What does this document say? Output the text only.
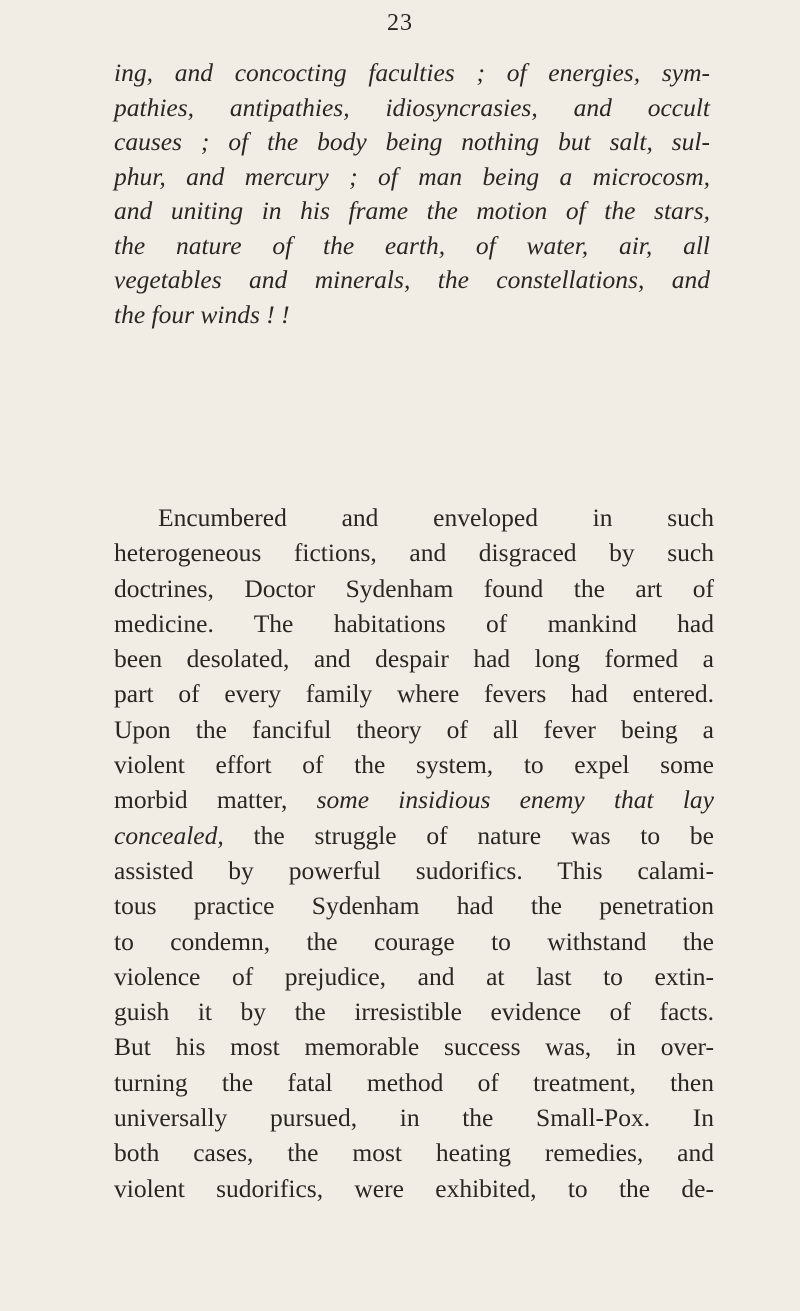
23
ing, and concocting faculties ; of energies, sym-
pathies, antipathies, idiosyncrasies, and occult
causes ; of the body being nothing but salt, sul-
phur, and mercury ; of man being a microcosm,
and uniting in his frame the motion of the stars,
the nature of the earth, of water, air, all
vegetables and minerals, the constellations, and
the four winds ! !
Encumbered and enveloped in such
heterogeneous fictions, and disgraced by such
doctrines, Doctor Sydenham found the art of
medicine. The habitations of mankind had
been desolated, and despair had long formed a
part of every family where fevers had entered.
Upon the fanciful theory of all fever being a
violent effort of the system, to expel some
morbid matter, some insidious enemy that lay
concealed, the struggle of nature was to be
assisted by powerful sudorifics. This calami-
tous practice Sydenham had the penetration
to condemn, the courage to withstand the
violence of prejudice, and at last to extin-
guish it by the irresistible evidence of facts.
But his most memorable success was, in over-
turning the fatal method of treatment, then
universally pursued, in the Small-Pox. In
both cases, the most heating remedies, and
violent sudorifics, were exhibited, to the de-
